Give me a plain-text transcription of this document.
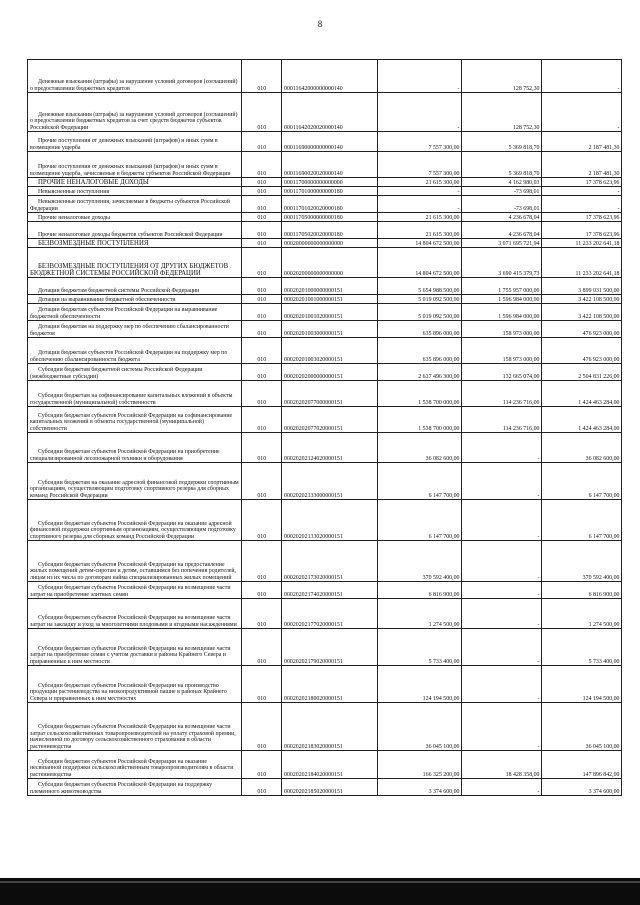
8
Денежные взыскания (штрафы) за нарушение условий договоров (соглашений) о предоставлении бюджетных кредитов	010	00011642000000000140	-	128 752,30	-
Денежные взыскания (штрафы) за нарушение условий договоров (соглашений) о предоставлении бюджетных кредитов за счет средств бюджетов субъектов Российской Федерации	010	00011642020020000140	-	128 752,30	-
Прочие поступления от денежных взысканий (штрафов) и иных сумм в возмещение ущерба	010	00011690000000000140	7 557 300,00	5 369 818,70	2 187 481,30
Прочие поступления от денежных взысканий (штрафов) и иных сумм в возмещение ущерба, зачисляемые в бюджеты субъектов Российской Федерации	010	00011690020020000140	7 557 300,00	5 369 818,70	2 187 481,30
ПРОЧИЕ НЕНАЛОГОВЫЕ ДОХОДЫ	010	00011700000000000000	21 615 300,00	4 162 980,03	17 378 623,96
Невыясненные поступления	010	00011701000000000180	-	-73 698,01	-
Невыясненные поступления, зачисляемые в бюджеты субъектов Российской Федерации	010	00011701020020000180	-	-73 698,01	-
Прочие неналоговые доходы	010	00011705000000000180	21 615 300,00	4 236 678,04	17 378 623,96
Прочие неналоговые доходы бюджетов субъектов Российской Федерации	010	00011705020020000180	21 615 300,00	4 236 678,04	17 378 623,96
БЕЗВОЗМЕЗДНЫЕ ПОСТУПЛЕНИЯ	010	00020000000000000000	14 804 672 500,00	3 071 695 721,94	11 233 202 641,18
БЕЗВОЗМЕЗДНЫЕ ПОСТУПЛЕНИЯ ОТ ДРУГИХ БЮДЖЕТОВ БЮДЖЕТНОЙ СИСТЕМЫ РОССИЙСКОЙ ФЕДЕРАЦИИ	010	00020200000000000000	14 804 672 500,00	3 690 415 379,73	11 233 202 641,18
Дотации бюджетам бюджетной системы Российской Федерации	010	00020201000000000151	5 654 988 500,00	1 755 957 000,00	3 899 031 500,00
Дотации на выравнивание бюджетной обеспеченности	010	00020201001000000151	5 019 092 500,00	1 596 984 000,00	3 422 108 500,00
Дотации бюджетам субъектов Российской Федерации на выравнивание бюджетной обеспеченности	010	00020201001020000151	5 019 092 500,00	1 596 984 000,00	3 422 108 500,00
Дотации бюджетам на поддержку мер по обеспечению сбалансированности бюджетов	010	00020201003000000151	635 896 000,00	158 973 000,00	476 923 000,00
Дотации бюджетам субъектов Российской Федерации на поддержку мер по обеспечению сбалансированности бюджета	010	00020201003020000151	635 896 000,00	158 973 000,00	476 923 000,00
Субсидии бюджетам бюджетной системы Российской Федерации (межбюджетные субсидии)	010	00020202000000000151	2 637 496 300,00	132 665 074,00	2 504 831 226,00
Субсидии бюджетам на софинансирование капитальных вложений в объекты государственной (муниципальной) собственности	010	00020202077000000151	1 538 700 000,00	114 236 716,00	1 424 463 284,00
Субсидии бюджетам субъектов Российской Федерации на софинансирование капитальных вложений в объекты государственной (муниципальной) собственности	010	00020202077020000151	1 538 700 000,00	114 236 716,00	1 424 463 284,00
Субсидии бюджетам субъектов Российской Федерации на приобретение специализированной лесопожарной техники и оборудования	010	00020202124020000151	36 082 600,00	-	36 082 600,00
Субсидии бюджетам на оказание адресной финансовой поддержки спортивным организациям, осуществляющим подготовку спортивного резерва для сборных команд Российской Федерации	010	00020202133000000151	6 147 700,00	-	6 147 700,00
Субсидии бюджетам субъектов Российской Федерации на оказание адресной финансовой поддержки спортивным организациям, осуществляющим подготовку спортивного резерва для сборных команд Российской Федерации	010	00020202133020000151	6 147 700,00	-	6 147 700,00
Субсидии бюджетам субъектов Российской Федерации на предоставление жилых помещений детям-сиротам и детям, оставшимся без попечения родителей, лицам из их числа по договорам найма специализированных жилых помещений	010	00020202173020000151	370 592 400,00	-	370 592 400,00
Субсидии бюджетам субъектов Российской Федерации на возмещение части затрат на приобретение элитных семян	010	00020202174020000151	6 816 900,00	-	6 816 900,00
Субсидии бюджетам субъектов Российской Федерации на возмещение части затрат на закладку и уход за многолетними плодовыми и ягодными насаждениями	010	00020202177020000151	1 274 500,00	-	1 274 500,00
Субсидии бюджетам субъектов Российской Федерации на возмещение части затрат на приобретение семян с учетом доставки в районы Крайнего Севера и приравненные к ним местности	010	00020202179020000151	5 733 400,00	-	5 733 400,00
Субсидии бюджетам субъектов Российской Федерации на производство продукции растениеводства на низкопродуктивной пашне в районах Крайнего Севера и приравненных к ним местностях	010	00020202180020000151	124 194 500,00	-	124 194 500,00
Субсидии бюджетам субъектов Российской Федерации на возмещение части затрат сельскохозяйственных товаропроизводителей на уплату страховой премии, начисленной по договору сельскохозяйственного страхования в области растениеводства	010	00020202183020000151	36 045 100,00	-	36 045 100,00
Субсидии бюджетам субъектов Российской Федерации на оказание несвязанной поддержки сельскохозяйственным товаропроизводителям в области растениеводства	010	00020202184020000151	166 325 200,00	18 428 358,00	147 896 842,00
Субсидии бюджетам субъектов Российской Федерации на поддержку племенного животноводства	010	00020202185020000151	3 374 600,00	-	3 374 600,00
